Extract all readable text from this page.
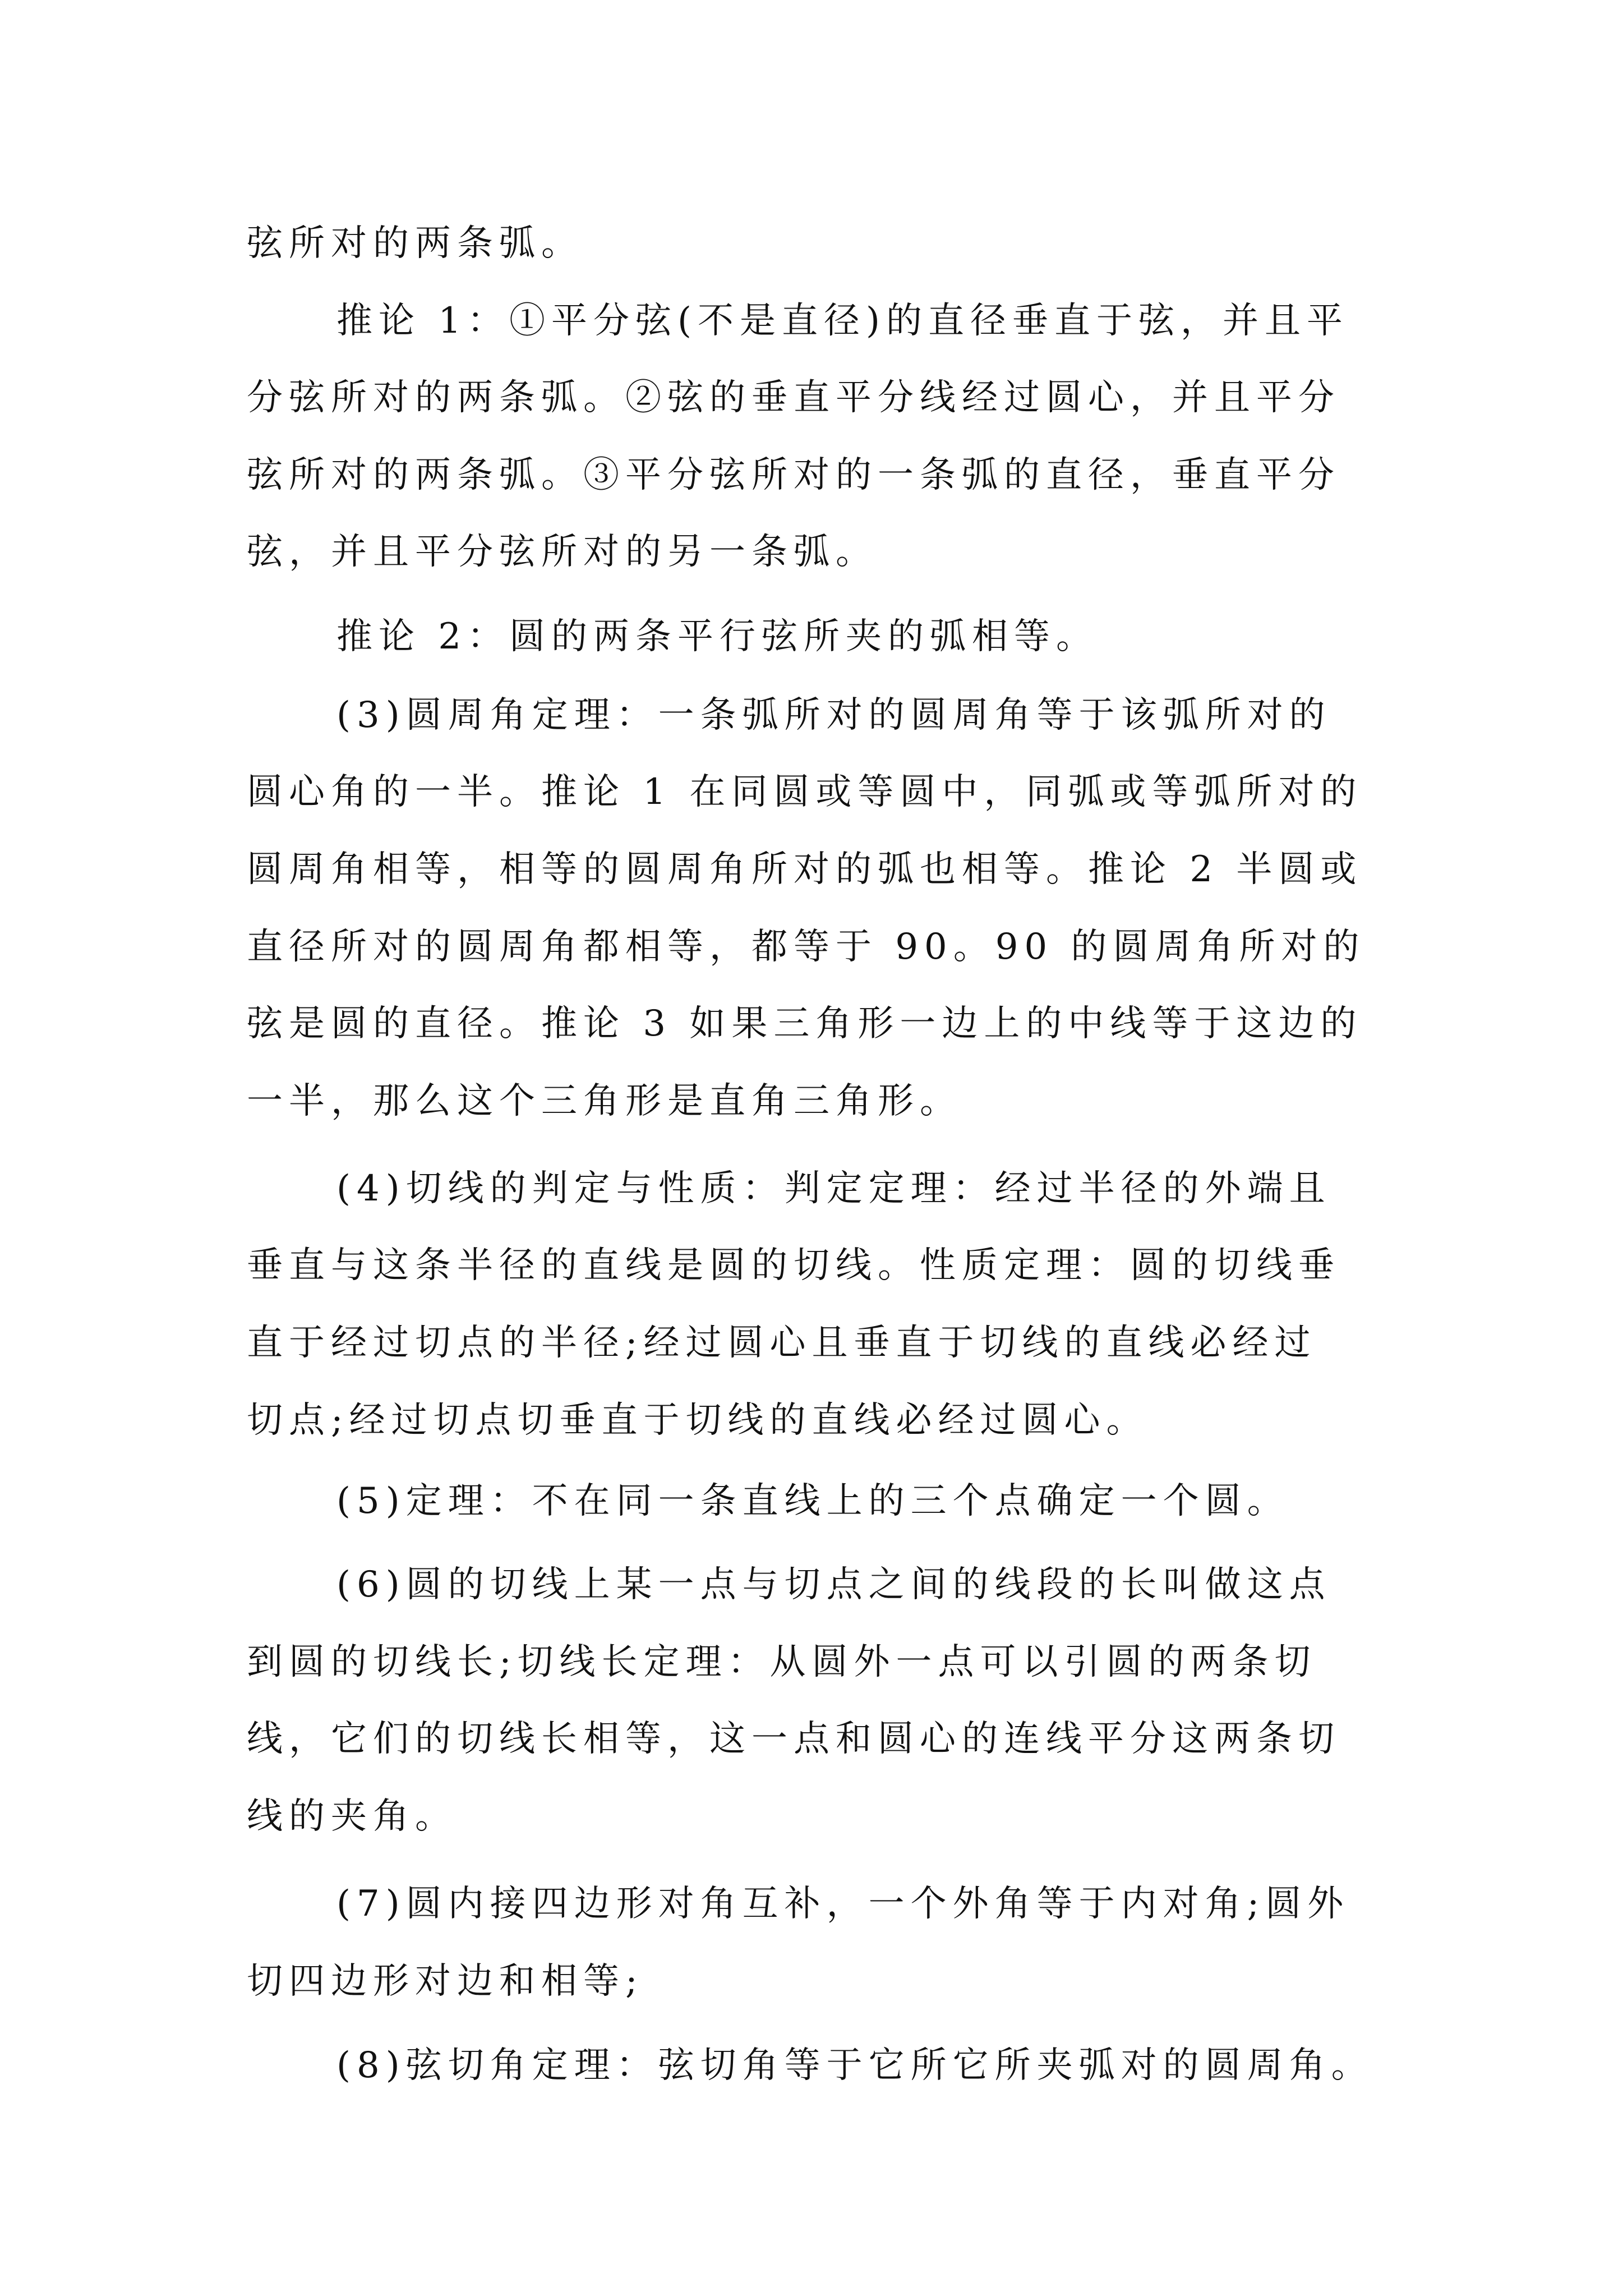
弦所对的两条弧。
推论 1：①平分弦(不是直径)的直径垂直于弦，并且平
分弦所对的两条弧。②弦的垂直平分线经过圆心，并且平分
弦所对的两条弧。③平分弦所对的一条弧的直径，垂直平分
弦，并且平分弦所对的另一条弧。
推论 2：圆的两条平行弦所夹的弧相等。
(3)圆周角定理：一条弧所对的圆周角等于该弧所对的
圆心角的一半。推论 1 在同圆或等圆中，同弧或等弧所对的
圆周角相等，相等的圆周角所对的弧也相等。推论 2 半圆或
直径所对的圆周角都相等，都等于 90。90 的圆周角所对的
弦是圆的直径。推论 3 如果三角形一边上的中线等于这边的
一半，那么这个三角形是直角三角形。
(4)切线的判定与性质：判定定理：经过半径的外端且
垂直与这条半径的直线是圆的切线。性质定理：圆的切线垂
直于经过切点的半径;经过圆心且垂直于切线的直线必经过
切点;经过切点切垂直于切线的直线必经过圆心。
(5)定理：不在同一条直线上的三个点确定一个圆。
(6)圆的切线上某一点与切点之间的线段的长叫做这点
到圆的切线长;切线长定理：从圆外一点可以引圆的两条切
线，它们的切线长相等，这一点和圆心的连线平分这两条切
线的夹角。
(7)圆内接四边形对角互补，一个外角等于内对角;圆外
切四边形对边和相等;
(8)弦切角定理：弦切角等于它所它所夹弧对的圆周角。
